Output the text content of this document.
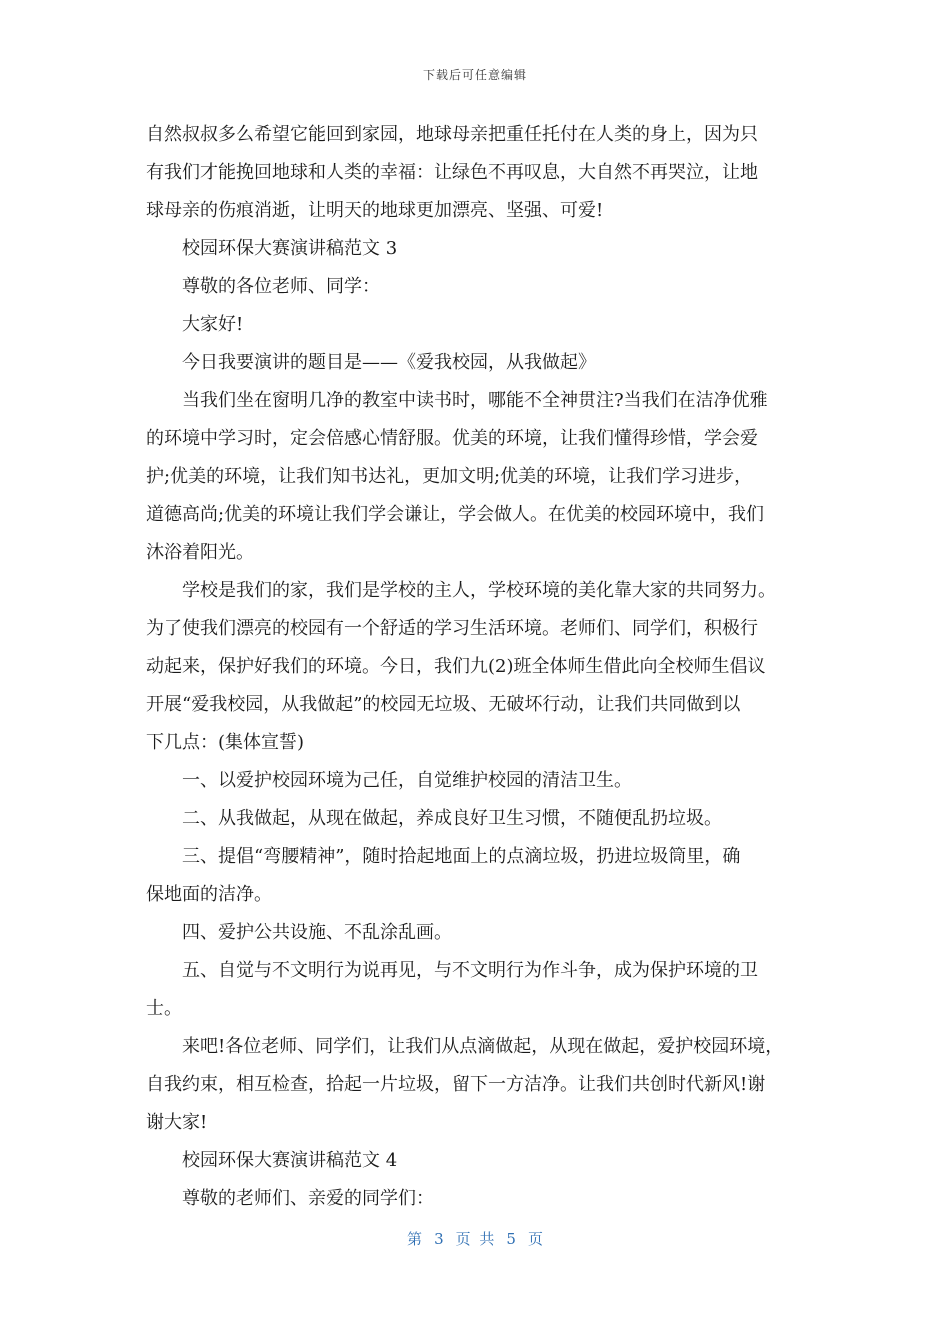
下载后可任意编辑
自然叔叔多么希望它能回到家园，地球母亲把重任托付在人类的身上，因为只
有我们才能挽回地球和人类的幸福：让绿色不再叹息，大自然不再哭泣，让地
球母亲的伤痕消逝，让明天的地球更加漂亮、坚强、可爱!
校园环保大赛演讲稿范文 3
尊敬的各位老师、同学：
大家好!
今日我要演讲的题目是——《爱我校园，从我做起》
当我们坐在窗明几净的教室中读书时，哪能不全神贯注?当我们在洁净优雅
的环境中学习时，定会倍感心情舒服。优美的环境，让我们懂得珍惜，学会爱
护;优美的环境，让我们知书达礼，更加文明;优美的环境，让我们学习进步，
道德高尚;优美的环境让我们学会谦让，学会做人。在优美的校园环境中，我们
沐浴着阳光。
学校是我们的家，我们是学校的主人，学校环境的美化靠大家的共同努力。
为了使我们漂亮的校园有一个舒适的学习生活环境。老师们、同学们，积极行
动起来，保护好我们的环境。今日，我们九(2)班全体师生借此向全校师生倡议
开展“爱我校园，从我做起”的校园无垃圾、无破坏行动，让我们共同做到以
下几点：(集体宣誓)
一、以爱护校园环境为己任，自觉维护校园的清洁卫生。
二、从我做起，从现在做起，养成良好卫生习惯，不随便乱扔垃圾。
三、提倡“弯腰精神”，随时拾起地面上的点滴垃圾，扔进垃圾筒里，确
保地面的洁净。
四、爱护公共设施、不乱涂乱画。
五、自觉与不文明行为说再见，与不文明行为作斗争，成为保护环境的卫
士。
来吧!各位老师、同学们，让我们从点滴做起，从现在做起，爱护校园环境，
自我约束，相互检查，拾起一片垃圾，留下一方洁净。让我们共创时代新风!谢
谢大家!
校园环保大赛演讲稿范文 4
尊敬的老师们、亲爱的同学们：
第 3 页 共 5 页
